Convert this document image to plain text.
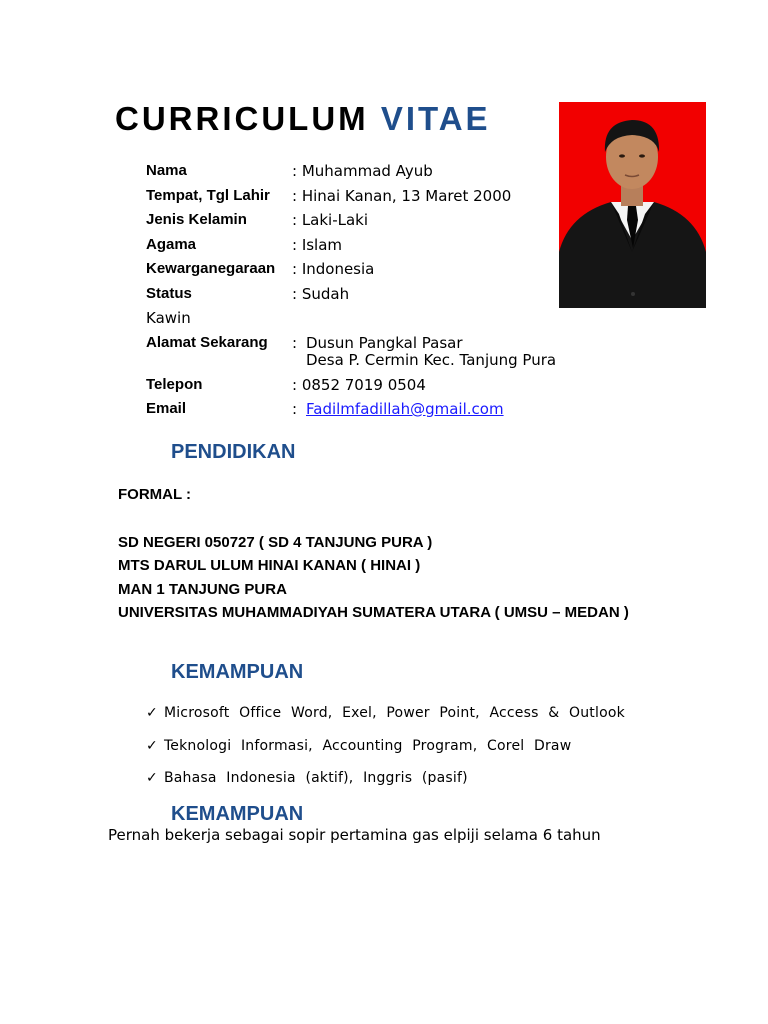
CURRICULUM VITAE
Nama	: Muhammad Ayub
Tempat, Tgl Lahir : Hinai Kanan, 13 Maret 2000
Jenis Kelamin	: Laki-Laki
Agama	: Islam
Kewarganegaraan : Indonesia
Status	: Sudah
Kawin
Alamat Sekarang : Dusun Pangkal Pasar
Desa P. Cermin Kec. Tanjung Pura
Telepon	: 0852 7019 0504
Email	: Fadilmfadillah@gmail.com
PENDIDIKAN
FORMAL :
SD NEGERI 050727 ( SD 4 TANJUNG PURA )
MTS DARUL ULUM HINAI KANAN ( HINAI )
MAN 1 TANJUNG PURA
UNIVERSITAS MUHAMMADIYAH SUMATERA UTARA ( UMSU – MEDAN )
KEMAMPUAN
✓ Microsoft Office Word, Exel, Power Point, Access & Outlook
✓ Teknologi Informasi, Accounting Program, Corel Draw
✓ Bahasa Indonesia (aktif), Inggris (pasif)
KEMAMPUAN
Pernah bekerja sebagai sopir pertamina gas elpiji selama 6 tahun
